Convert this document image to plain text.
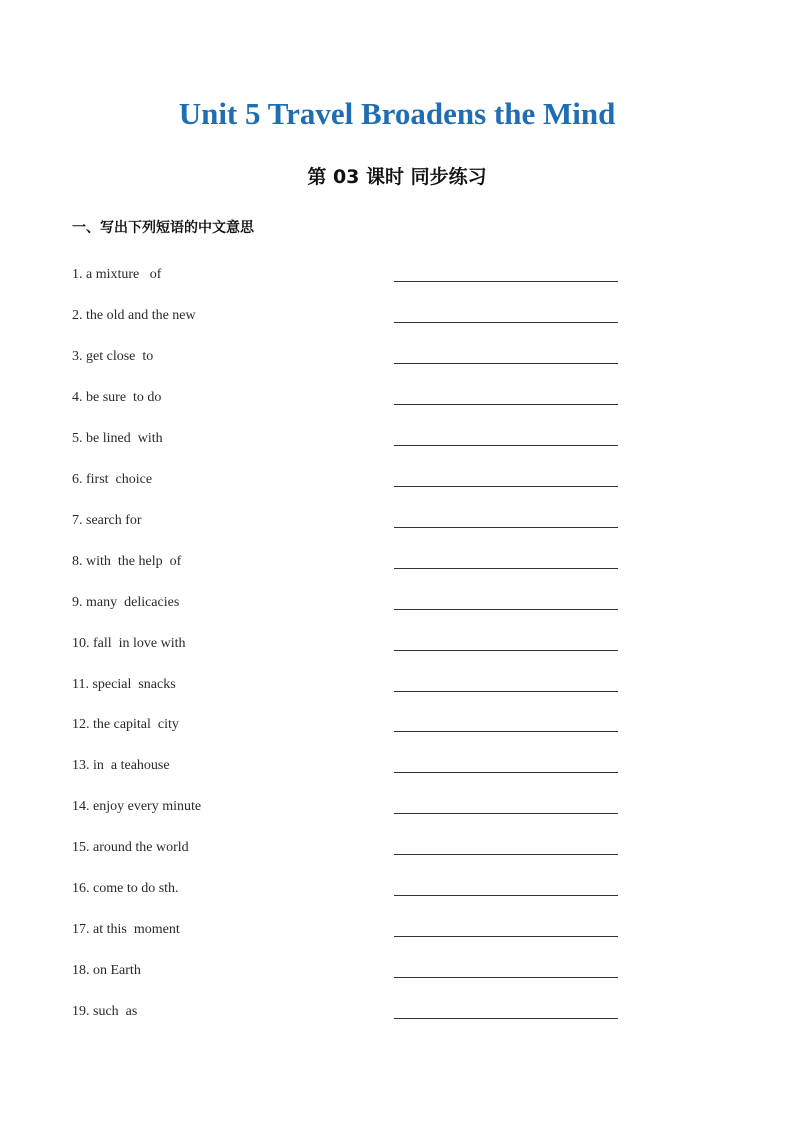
Unit 5 Travel Broadens the Mind
第 03 课时 同步练习
一、写出下列短语的中文意思
1. a mixture   of
2. the old and the new
3. get close  to
4. be sure  to do
5. be lined  with
6. first  choice
7. search for
8. with  the help  of
9. many  delicacies
10. fall  in love with
11. special  snacks
12. the capital  city
13. in  a teahouse
14. enjoy every minute
15. around the world
16. come to do sth.
17. at this  moment
18. on Earth
19. such  as
